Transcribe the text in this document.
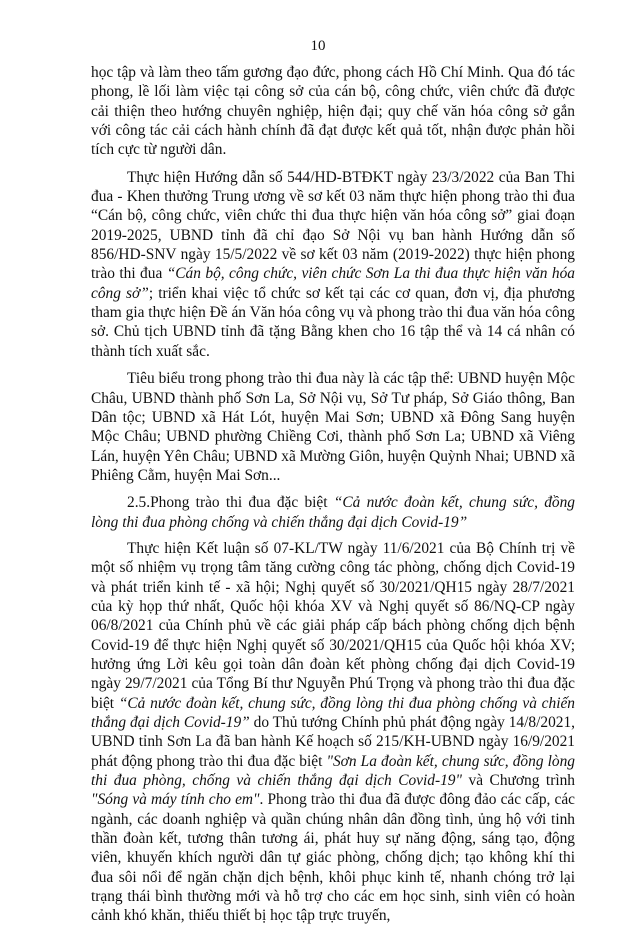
10

học tập và làm theo tấm gương đạo đức, phong cách Hồ Chí Minh. Qua đó tác phong, lề lối làm việc tại công sở của cán bộ, công chức, viên chức đã được cải thiện theo hướng chuyên nghiệp, hiện đại; quy chế văn hóa công sở gắn với công tác cải cách hành chính đã đạt được kết quả tốt, nhận được phản hồi tích cực từ người dân.

Thực hiện Hướng dẫn số 544/HD-BTĐKT ngày 23/3/2022 của Ban Thi đua - Khen thưởng Trung ương về sơ kết 03 năm thực hiện phong trào thi đua “Cán bộ, công chức, viên chức thi đua thực hiện văn hóa công sở” giai đoạn 2019-2025, UBND tỉnh đã chỉ đạo Sở Nội vụ ban hành Hướng dẫn số 856/HD-SNV ngày 15/5/2022 về sơ kết 03 năm (2019-2022) thực hiện phong trào thi đua “Cán bộ, công chức, viên chức Sơn La thi đua thực hiện văn hóa công sở”; triển khai việc tổ chức sơ kết tại các cơ quan, đơn vị, địa phương tham gia thực hiện Đề án Văn hóa công vụ và phong trào thi đua văn hóa công sở. Chủ tịch UBND tỉnh đã tặng Bằng khen cho 16 tập thể và 14 cá nhân có thành tích xuất sắc.

Tiêu biểu trong phong trào thi đua này là các tập thể: UBND huyện Mộc Châu, UBND thành phố Sơn La, Sở Nội vụ, Sở Tư pháp, Sở Giáo thông, Ban Dân tộc; UBND xã Hát Lót, huyện Mai Sơn; UBND xã Đông Sang huyện Mộc Châu; UBND phường Chiềng Cơi, thành phố Sơn La; UBND xã Viêng Lán, huyện Yên Châu; UBND xã Mường Giôn, huyện Quỳnh Nhai; UBND xã Phiêng Cằm, huyện Mai Sơn...

2.5.Phong trào thi đua đặc biệt “Cả nước đoàn kết, chung sức, đồng lòng thi đua phòng chống và chiến thắng đại dịch Covid-19”

Thực hiện Kết luận số 07-KL/TW ngày 11/6/2021 của Bộ Chính trị về một số nhiệm vụ trọng tâm tăng cường công tác phòng, chống dịch Covid-19 và phát triển kinh tế - xã hội; Nghị quyết số 30/2021/QH15 ngày 28/7/2021 của kỳ họp thứ nhất, Quốc hội khóa XV và Nghị quyết số 86/NQ-CP ngày 06/8/2021 của Chính phủ về các giải pháp cấp bách phòng chống dịch bệnh Covid-19 để thực hiện Nghị quyết số 30/2021/QH15 của Quốc hội khóa XV; hưởng ứng Lời kêu gọi toàn dân đoàn kết phòng chống đại dịch Covid-19 ngày 29/7/2021 của Tổng Bí thư Nguyễn Phú Trọng và phong trào thi đua đặc biệt “Cả nước đoàn kết, chung sức, đồng lòng thi đua phòng chống và chiến thắng đại dịch Covid-19” do Thủ tướng Chính phủ phát động ngày 14/8/2021, UBND tỉnh Sơn La đã ban hành Kế hoạch số 215/KH-UBND ngày 16/9/2021 phát động phong trào thi đua đặc biệt "Sơn La đoàn kết, chung sức, đồng lòng thi đua phòng, chống và chiến thắng đại dịch Covid-19" và Chương trình "Sóng và máy tính cho em". Phong trào thi đua đã được đông đảo các cấp, các ngành, các doanh nghiệp và quần chúng nhân dân đồng tình, ủng hộ với tinh thần đoàn kết, tương thân tương ái, phát huy sự năng động, sáng tạo, động viên, khuyến khích người dân tự giác phòng, chống dịch; tạo không khí thi đua sôi nổi để ngăn chặn dịch bệnh, khôi phục kinh tế, nhanh chóng trở lại trạng thái bình thường mới và hỗ trợ cho các em học sinh, sinh viên có hoàn cảnh khó khăn, thiếu thiết bị học tập trực truyến,
